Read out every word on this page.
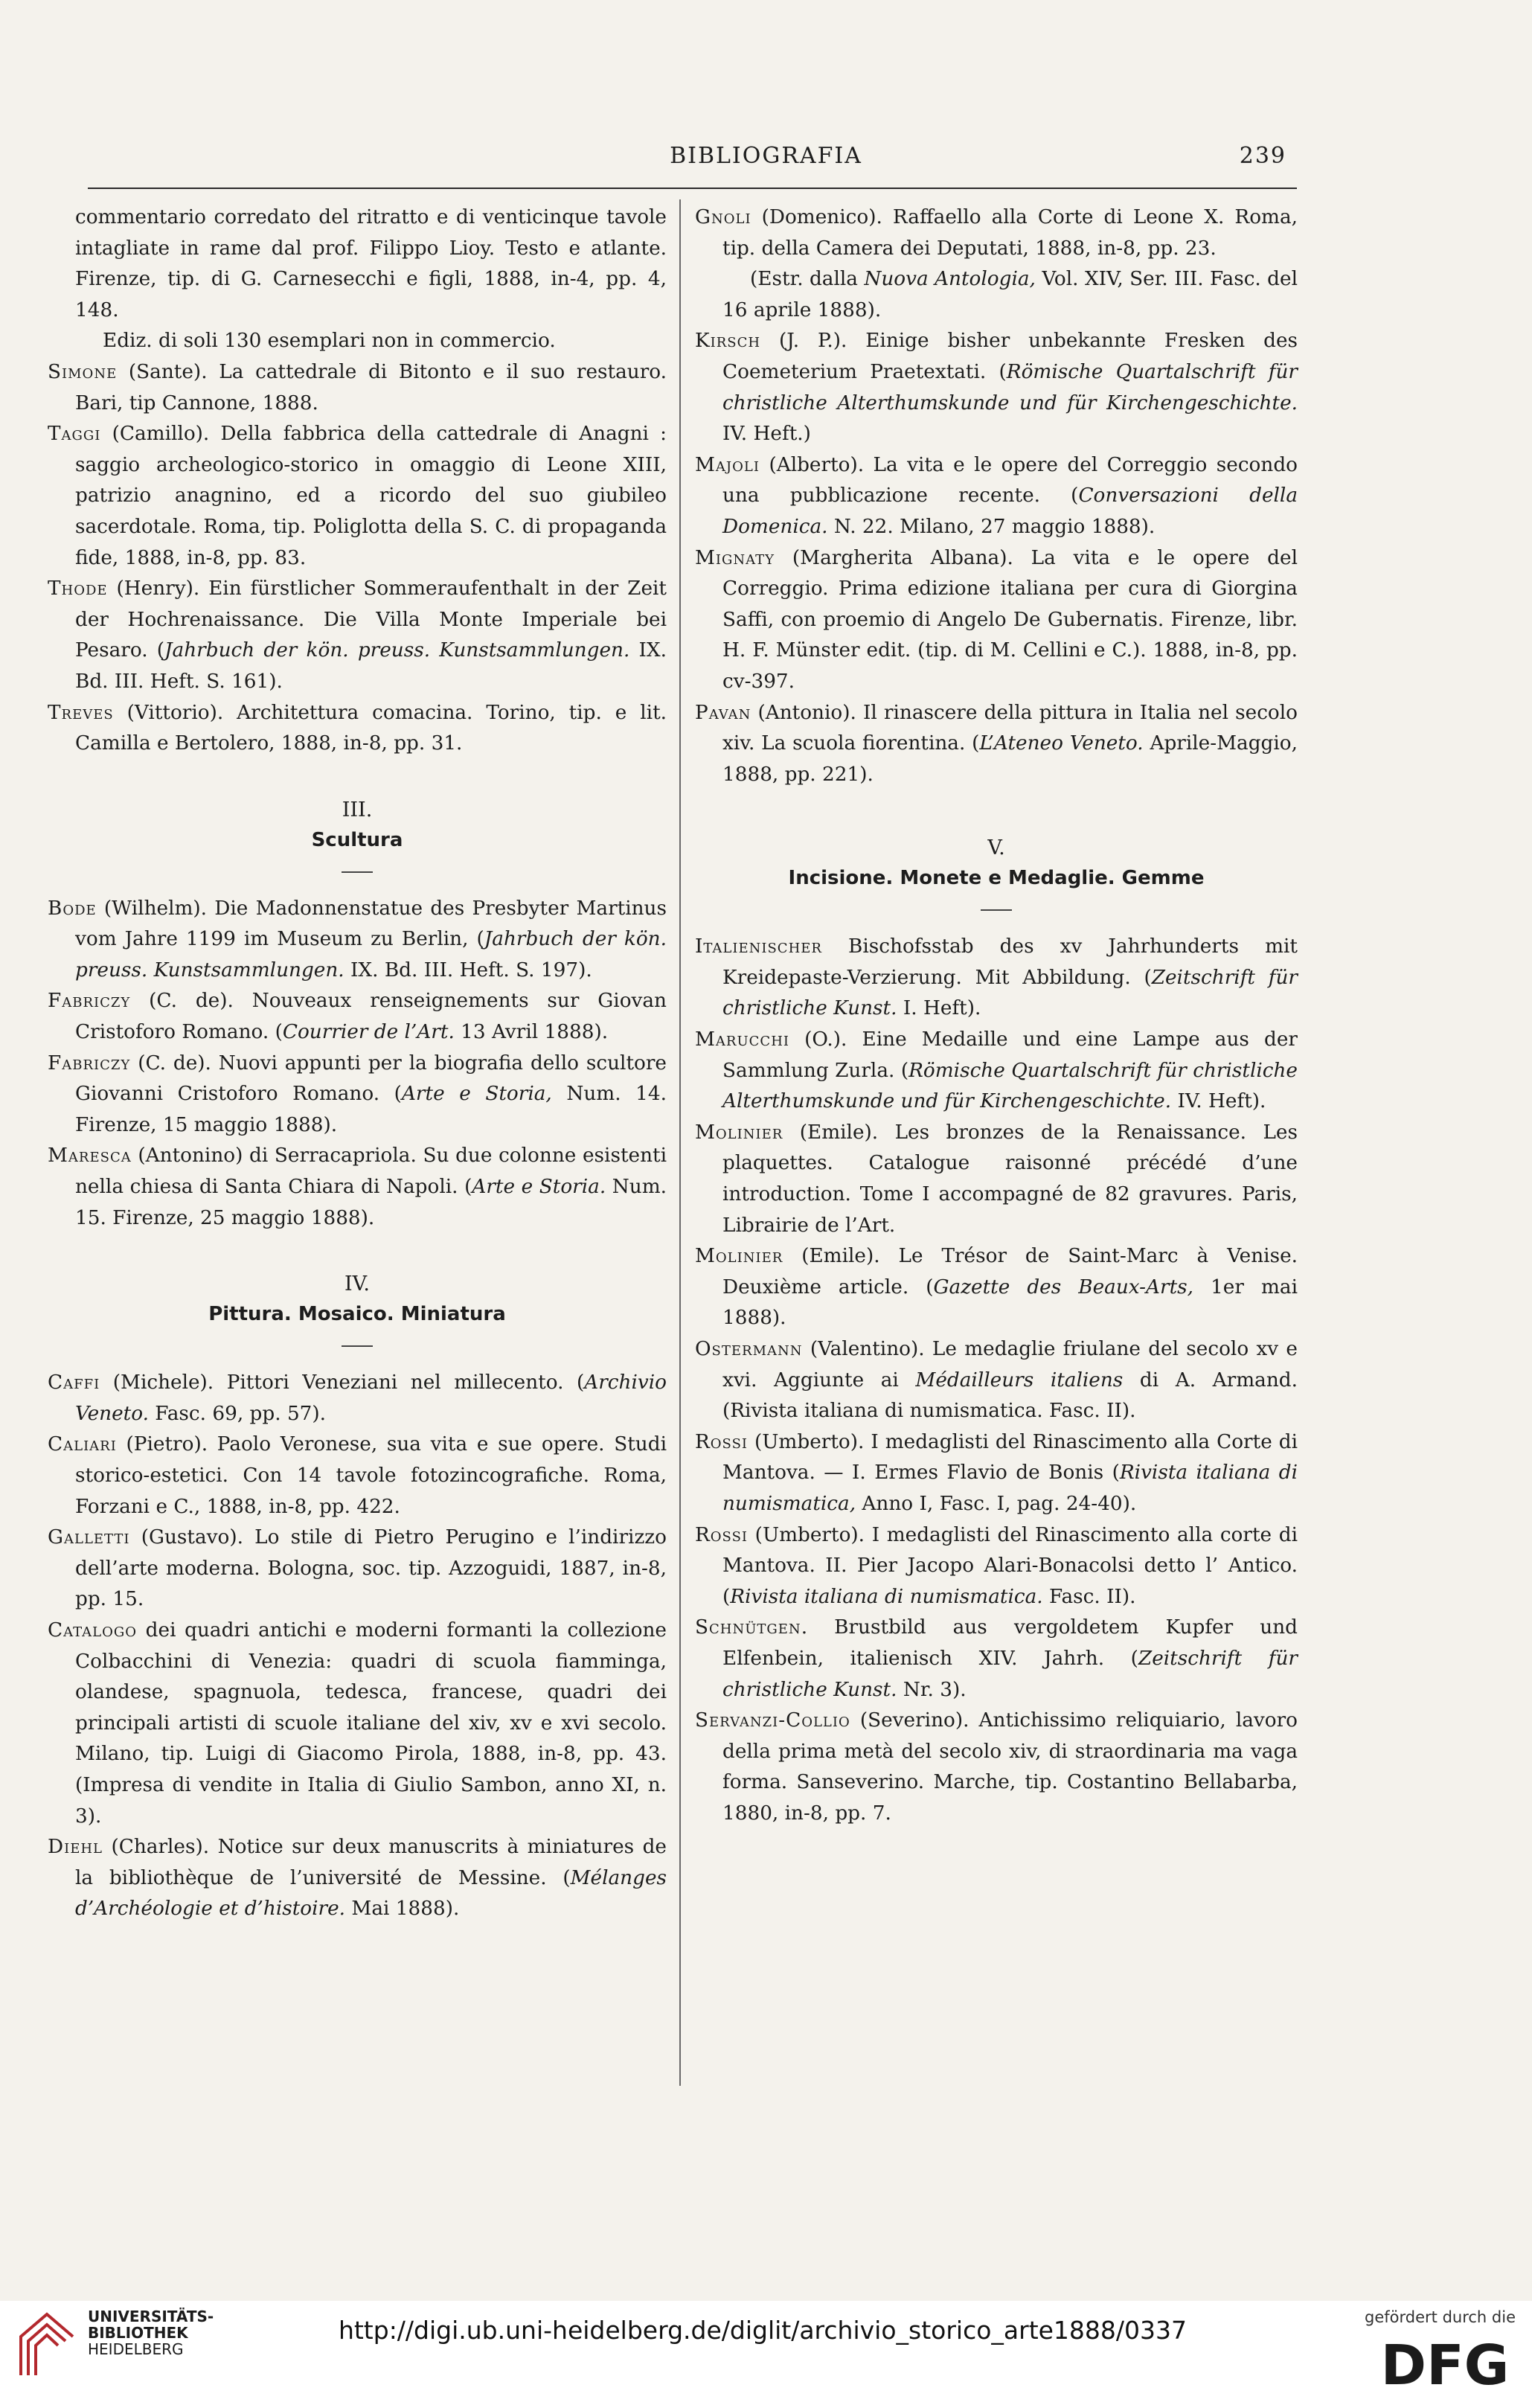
BIBLIOGRAFIA	239

commentario corredato del ritratto e di venticinque tavole intagliate in rame dal prof. Filippo Lioy. Testo e atlante. Firenze, tip. di G. Carnesecchi e figli, 1888, in-4, pp. 4, 148.

Ediz. di soli 130 esemplari non in commercio.

Simone (Sante). La cattedrale di Bitonto e il suo restauro. Bari, tip Cannone, 1888.

Taggi (Camillo). Della fabbrica della cattedrale di Anagni : saggio archeologico-storico in omaggio di Leone XIII, patrizio anagnino, ed a ricordo del suo giubileo sacerdotale. Roma, tip. Poliglotta della S. C. di propaganda fide, 1888, in-8, pp. 83.

Thode (Henry). Ein fürstlicher Sommeraufenthalt in der Zeit der Hochrenaissance. Die Villa Monte Imperiale bei Pesaro. (Jahrbuch der kön. preuss. Kunstsammlungen. IX. Bd. III. Heft. S. 161).

Treves (Vittorio). Architettura comacina. Torino, tip. e lit. Camilla e Bertolero, 1888, in-8, pp. 31.

III.
Scultura

Bode (Wilhelm). Die Madonnenstatue des Presbyter Martinus vom Jahre 1199 im Museum zu Berlin, (Jahrbuch der kön. preuss. Kunstsammlungen. IX. Bd. III. Heft. S. 197).

Fabriczy (C. de). Nouveaux renseignements sur Giovan Cristoforo Romano. (Courrier de l’Art. 13 Avril 1888).

Fabriczy (C. de). Nuovi appunti per la biografia dello scultore Giovanni Cristoforo Romano. (Arte e Storia, Num. 14. Firenze, 15 maggio 1888).

Maresca (Antonino) di Serracapriola. Su due colonne esistenti nella chiesa di Santa Chiara di Napoli. (Arte e Storia. Num. 15. Firenze, 25 maggio 1888).

IV.
Pittura. Mosaico. Miniatura

Caffi (Michele). Pittori Veneziani nel millecento. (Archivio Veneto. Fasc. 69, pp. 57).

Caliari (Pietro). Paolo Veronese, sua vita e sue opere. Studi storico-estetici. Con 14 tavole fotozincografiche. Roma, Forzani e C., 1888, in-8, pp. 422.

Galletti (Gustavo). Lo stile di Pietro Perugino e l’indirizzo dell’arte moderna. Bologna, soc. tip. Azzoguidi, 1887, in-8, pp. 15.

Catalogo dei quadri antichi e moderni formanti la collezione Colbacchini di Venezia: quadri di scuola fiamminga, olandese, spagnuola, tedesca, francese, quadri dei principali artisti di scuole italiane del xiv, xv e xvi secolo. Milano, tip. Luigi di Giacomo Pirola, 1888, in-8, pp. 43. (Impresa di vendite in Italia di Giulio Sambon, anno XI, n. 3).

Diehl (Charles). Notice sur deux manuscrits à miniatures de la bibliothèque de l’université de Messine. (Mélanges d’Archéologie et d’histoire. Mai 1888).

Gnoli (Domenico). Raffaello alla Corte di Leone X. Roma, tip. della Camera dei Deputati, 1888, in-8, pp. 23.

(Estr. dalla Nuova Antologia, Vol. XIV, Ser. III. Fasc. del 16 aprile 1888).

Kirsch (J. P.). Einige bisher unbekannte Fresken des Coemeterium Praetextati. (Römische Quartalschrift für christliche Alterthumskunde und für Kirchengeschichte. IV. Heft.)

Majoli (Alberto). La vita e le opere del Correggio secondo una pubblicazione recente. (Conversazioni della Domenica. N. 22. Milano, 27 maggio 1888).

Mignaty (Margherita Albana). La vita e le opere del Correggio. Prima edizione italiana per cura di Giorgina Saffi, con proemio di Angelo De Gubernatis. Firenze, libr. H. F. Münster edit. (tip. di M. Cellini e C.). 1888, in-8, pp. cv-397.

Pavan (Antonio). Il rinascere della pittura in Italia nel secolo xiv. La scuola fiorentina. (L’Ateneo Veneto. Aprile-Maggio, 1888, pp. 221).

V.
Incisione. Monete e Medaglie. Gemme

Italienischer Bischofsstab des xv Jahrhunderts mit Kreidepaste-Verzierung. Mit Abbildung. (Zeitschrift für christliche Kunst. I. Heft).

Marucchi (O.). Eine Medaille und eine Lampe aus der Sammlung Zurla. (Römische Quartalschrift für christliche Alterthumskunde und für Kirchengeschichte. IV. Heft).

Molinier (Emile). Les bronzes de la Renaissance. Les plaquettes. Catalogue raisonné précédé d’une introduction. Tome I accompagné de 82 gravures. Paris, Librairie de l’Art.

Molinier (Emile). Le Trésor de Saint-Marc à Venise. Deuxième article. (Gazette des Beaux-Arts, 1er mai 1888).

Ostermann (Valentino). Le medaglie friulane del secolo xv e xvi. Aggiunte ai Médailleurs italiens di A. Armand. (Rivista italiana di numismatica. Fasc. II).

Rossi (Umberto). I medaglisti del Rinascimento alla Corte di Mantova. — I. Ermes Flavio de Bonis (Rivista italiana di numismatica, Anno I, Fasc. I, pag. 24-40).

Rossi (Umberto). I medaglisti del Rinascimento alla corte di Mantova. II. Pier Jacopo Alari-Bonacolsi detto l’ Antico. (Rivista italiana di numismatica. Fasc. II).

Schnütgen. Brustbild aus vergoldetem Kupfer und Elfenbein, italienisch XIV. Jahrh. (Zeitschrift für christliche Kunst. Nr. 3).

Servanzi-Collio (Severino). Antichissimo reliquiario, lavoro della prima metà del secolo xiv, di straordinaria ma vaga forma. Sanseverino. Marche, tip. Costantino Bellabarba, 1880, in-8, pp. 7.

UNIVERSITÄTS-
BIBLIOTHEK
HEIDELBERG
http://digi.ub.uni-heidelberg.de/diglit/archivio_storico_arte1888/0337	gefördert durch die
DFG
